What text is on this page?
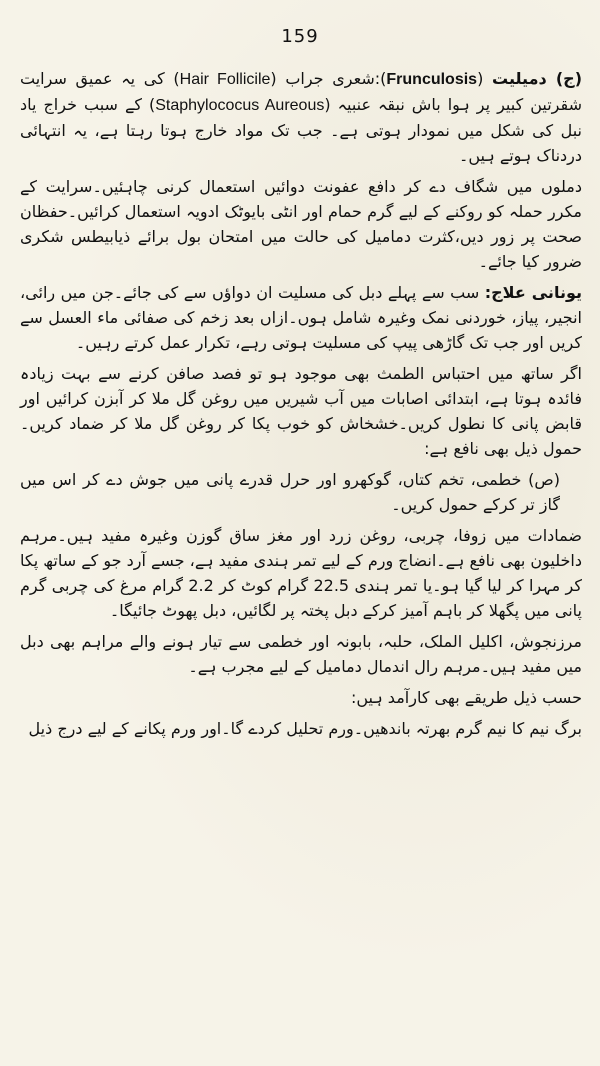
159

(ج) دمیلیت (Frunculosis):شعری جراب (Hair Follicile) کی یہ عمیق سرایت شقرتین کبیر پر ہوا باش نبقہ عنبیہ (Staphylococus Aureous) کے سبب خراج یاد نبل کی شکل میں نمودار ہوتی ہے۔ جب تک مواد خارج ہوتا رہتا ہے، یہ انتہائی دردناک ہوتے ہیں۔

دملوں میں شگاف دے کر دافع عفونت دوائیں استعمال کرنی چاہئیں۔سرایت کے مکرر حملہ کو روکنے کے لیے گرم حمام اور انٹی بایوٹک ادویہ استعمال کرائیں۔حفظان صحت پر زور دیں،کثرت دمامیل کی حالت میں امتحان بول برائے ذیابیطس شکری ضرور کیا جائے۔

یونانی علاج: سب سے پہلے دبل کی مسلیت ان دواؤں سے کی جائے۔جن میں رائی، انجیر، پیاز، خوردنی نمک وغیرہ شامل ہوں۔ازاں بعد زخم کی صفائی ماء العسل سے کریں اور جب تک گاڑھی پیپ کی مسلیت ہوتی رہے، تکرار عمل کرتے رہیں۔

اگر ساتھ میں احتباس الطمث بھی موجود ہو تو فصد صافن کرنے سے بہت زیادہ فائدہ ہوتا ہے، ابتدائی اصابات میں آب شیریں میں روغن گل ملا کر آبزن کرائیں اور قابض پانی کا نطول کریں۔خشخاش کو خوب پکا کر روغن گل ملا کر ضماد کریں۔حمول ذیل بھی نافع ہے:

(ص) خطمی، تخم کتاں، گوکھرو اور حرل قدرے پانی میں جوش دے کر اس میں گاز تر کرکے حمول کریں۔

ضمادات میں زوفا، چربی، روغن زرد اور مغز ساق گوزن وغیرہ مفید ہیں۔مرہم داخلیون بھی نافع ہے۔انضاج ورم کے لیے تمر ہندی مفید ہے، جسے آرد جو کے ساتھ پکا کر مہرا کر لیا گیا ہو۔یا تمر ہندی 22.5 گرام کوٹ کر 2.2 گرام مرغ کی چربی گرم پانی میں پگھلا کر باہم آمیز کرکے دبل پختہ پر لگائیں، دبل پھوٹ جائیگا۔

مرزنجوش، اکلیل الملک، حلبہ، بابونہ اور خطمی سے تیار ہونے والے مراہم بھی دبل میں مفید ہیں۔مرہم رال اندمال دمامیل کے لیے مجرب ہے۔

حسب ذیل طریقے بھی کارآمد ہیں:

برگ نیم کا نیم گرم بھرتہ باندھیں۔ورم تحلیل کردے گا۔اور ورم پکانے کے لیے درج ذیل
